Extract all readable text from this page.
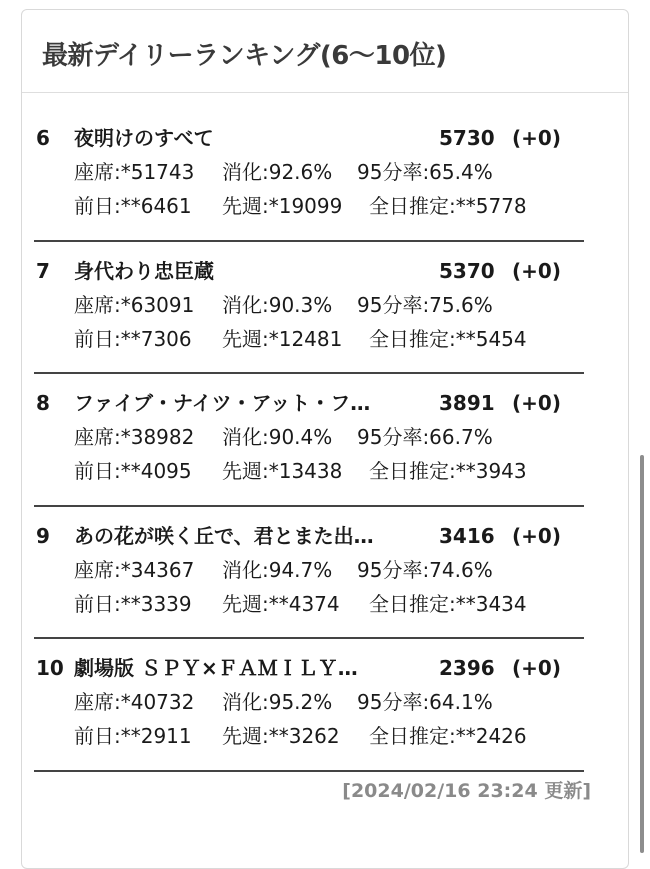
最新デイリーランキング(6〜10位)
6 夜明けのすべて	5730 (+0)
座席:*51743 消化:92.6% 95分率:65.4%
前日:**6461 先週:*19099 全日推定:**5778
7 身代わり忠臣蔵	5370 (+0)
座席:*63091 消化:90.3% 95分率:75.6%
前日:**7306 先週:*12481 全日推定:**5454
8 ファイブ・ナイツ・アット・フ…	3891 (+0)
座席:*38982 消化:90.4% 95分率:66.7%
前日:**4095 先週:*13438 全日推定:**3943
9 あの花が咲く丘で、君とまた出…	3416 (+0)
座席:*34367 消化:94.7% 95分率:74.6%
前日:**3339 先週:**4374 全日推定:**3434
10 劇場版 ＳＰＹ×ＦＡＭＩＬＹ…	2396 (+0)
座席:*40732 消化:95.2% 95分率:64.1%
前日:**2911 先週:**3262 全日推定:**2426
[2024/02/16 23:24 更新]
